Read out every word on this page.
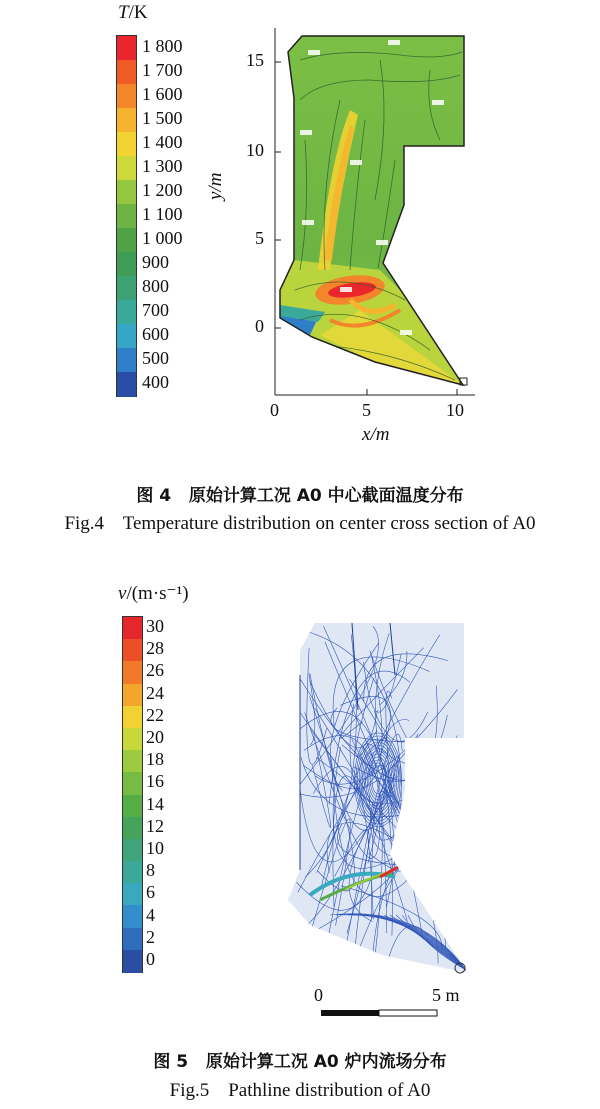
T/K
1 800
1 700
1 600
1 500
1 400
1 300
1 200
1 100
1 000
900
800
700
600
500
400
15
10
5
0
0	5	10
x/m
y/m
图 4 原始计算工况 A0 中心截面温度分布
Fig.4    Temperature distribution on center cross section of A0
v/(m·s⁻¹)
30
28
26
24
22
20
18
16
14
12
10
8
6
4
2
0
0	5 m
图 5 原始计算工况 A0 炉内流场分布
Fig.5    Pathline distribution of A0
